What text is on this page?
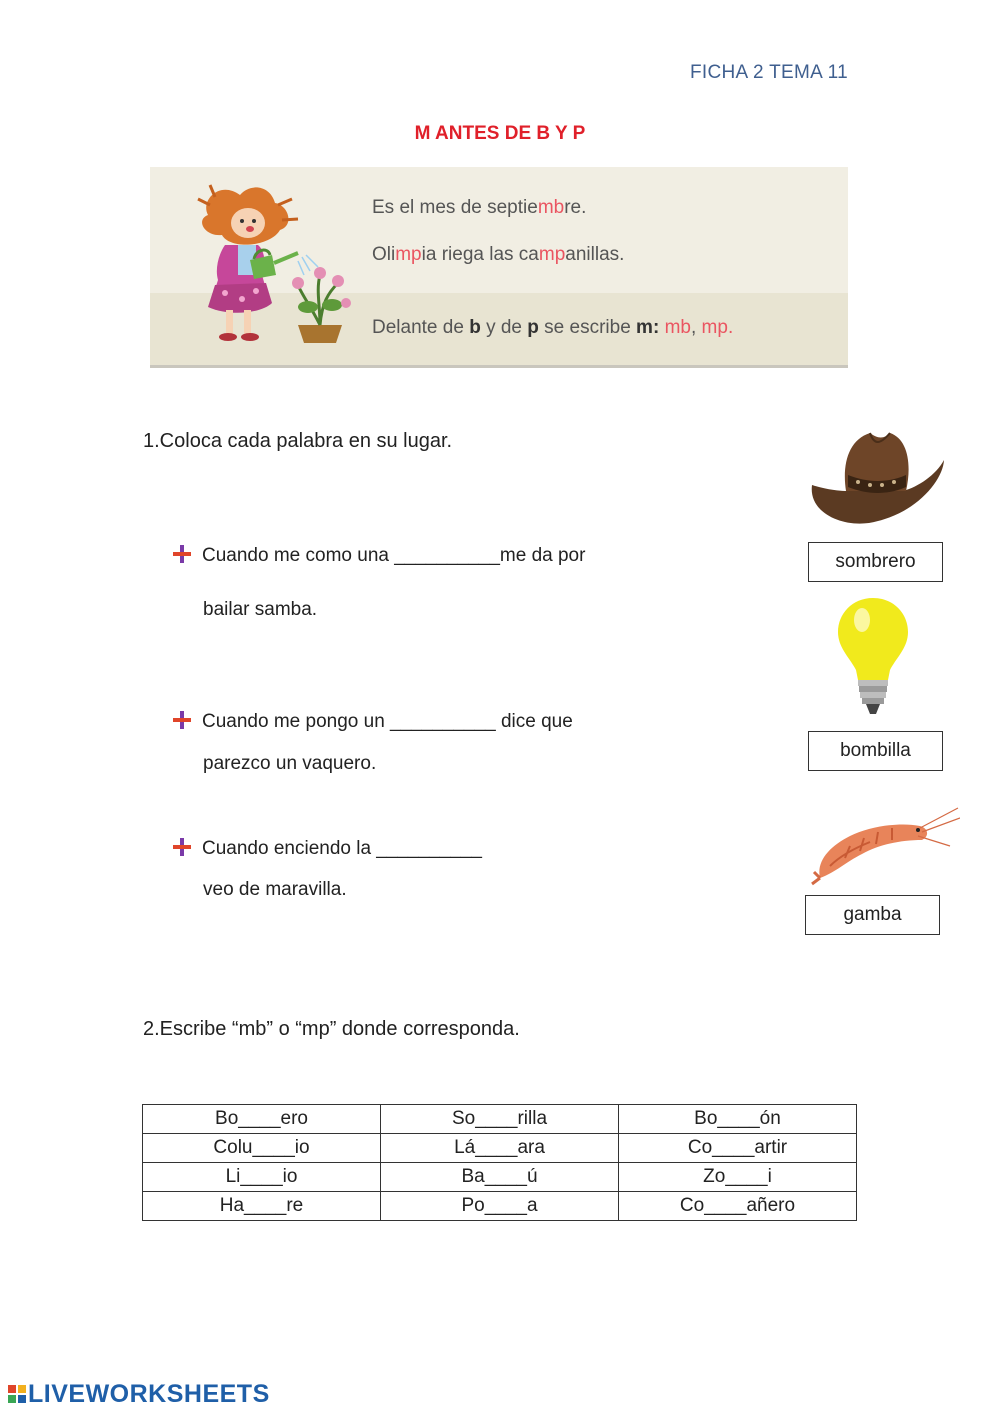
FICHA 2 TEMA 11
M ANTES DE B Y P
Es el mes de septiembre.
Olimpia riega las campanillas.
Delante de b y de p se escribe m: mb, mp.
1.Coloca cada palabra en su lugar.
Cuando me como una __________me da por
bailar samba.
Cuando me pongo un __________ dice que
parezco un vaquero.
Cuando enciendo la __________
veo de maravilla.
sombrero
bombilla
gamba
2.Escribe “mb” o “mp” donde corresponda.
Bo____ero	So____rilla	Bo____ón
Colu____io	Lá____ara	Co____artir
Li____io	Ba____ú	Zo____i
Ha____re	Po____a	Co____añero
LIVEWORKSHEETS
